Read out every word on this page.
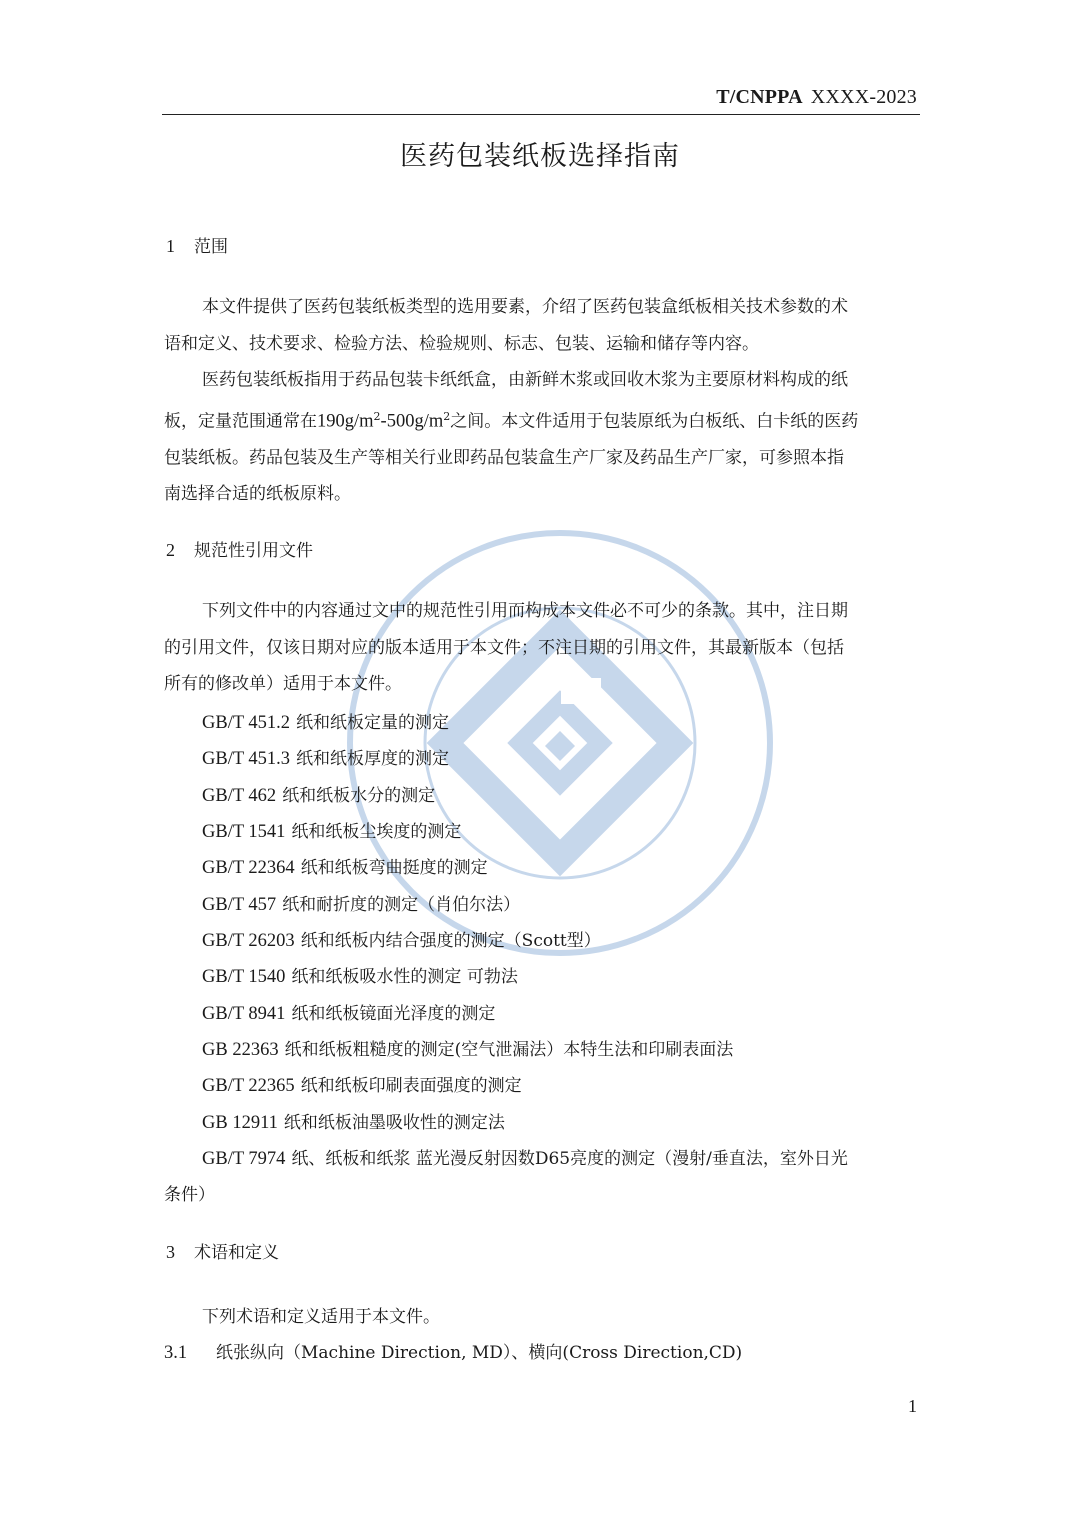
T/CNPPA XXXX-2023
医药包装纸板选择指南
1 范围
本文件提供了医药包装纸板类型的选用要素，介绍了医药包装盒纸板相关技术参数的术
语和定义、技术要求、检验方法、检验规则、标志、包装、运输和储存等内容。
医药包装纸板指用于药品包装卡纸纸盒，由新鲜木浆或回收木浆为主要原材料构成的纸
板，定量范围通常在$190g/m^2-500g/m^2$之间。本文件适用于包装原纸为白板纸、白卡纸的医药
包装纸板。药品包装及生产等相关行业即药品包装盒生产厂家及药品生产厂家，可参照本指
南选择合适的纸板原料。
2 规范性引用文件
下列文件中的内容通过文中的规范性引用而构成本文件必不可少的条款。其中，注日期
的引用文件，仅该日期对应的版本适用于本文件；不注日期的引用文件，其最新版本（包括
所有的修改单）适用于本文件。
GB/T 451.2 纸和纸板定量的测定
GB/T 451.3 纸和纸板厚度的测定
GB/T 462 纸和纸板水分的测定
GB/T 1541 纸和纸板尘埃度的测定
GB/T 22364 纸和纸板弯曲挺度的测定
GB/T 457 纸和耐折度的测定（肖伯尔法）
GB/T 26203 纸和纸板内结合强度的测定（Scott型）
GB/T 1540 纸和纸板吸水性的测定 可勃法
GB/T 8941 纸和纸板镜面光泽度的测定
GB 22363 纸和纸板粗糙度的测定(空气泄漏法）本特生法和印刷表面法
GB/T 22365 纸和纸板印刷表面强度的测定
GB 12911 纸和纸板油墨吸收性的测定法
GB/T 7974 纸、纸板和纸浆 蓝光漫反射因数D65亮度的测定（漫射/垂直法，室外日光
条件）
3 术语和定义
下列术语和定义适用于本文件。
3.1 纸张纵向（Machine Direction, MD）、横向(Cross Direction,CD)
1
